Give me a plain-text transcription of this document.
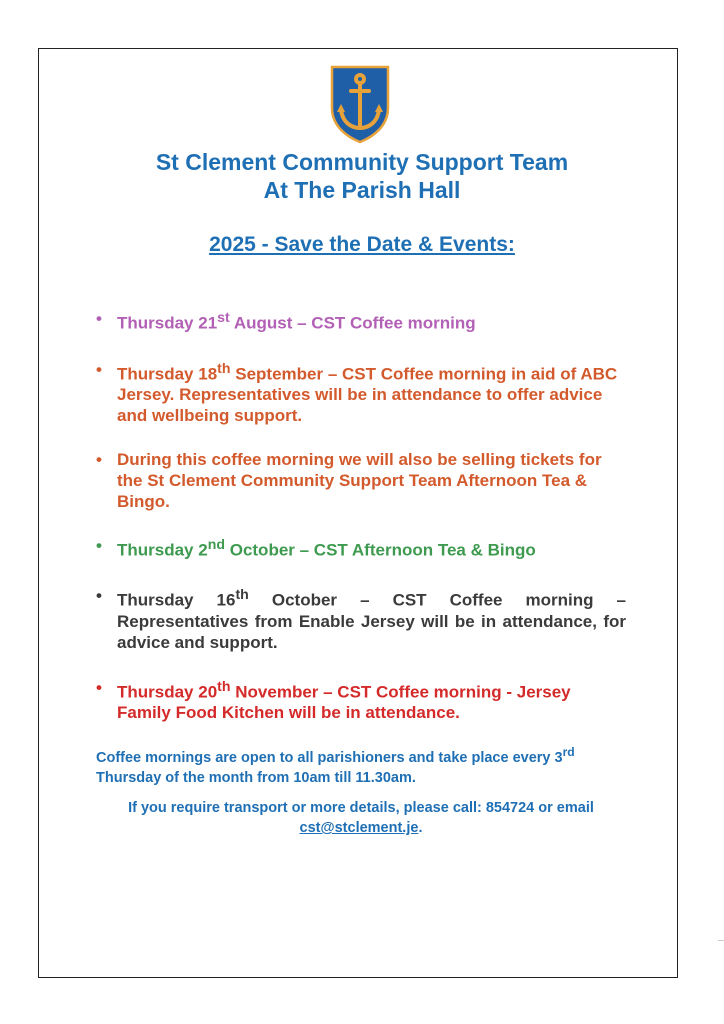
St Clement Community Support Team
At The Parish Hall
2025 - Save the Date & Events:
• Thursday 21st August – CST Coffee morning
• Thursday 18th September – CST Coffee morning in aid of ABC Jersey. Representatives will be in attendance to offer advice and wellbeing support.
• During this coffee morning we will also be selling tickets for the St Clement Community Support Team Afternoon Tea & Bingo.
• Thursday 2nd October – CST Afternoon Tea & Bingo
• Thursday 16th October – CST Coffee morning – Representatives from Enable Jersey will be in attendance, for advice and support.
• Thursday 20th November – CST Coffee morning - Jersey Family Food Kitchen will be in attendance.
Coffee mornings are open to all parishioners and take place every 3rd Thursday of the month from 10am till 11.30am.
If you require transport or more details, please call: 854724 or email
cst@stclement.je.
